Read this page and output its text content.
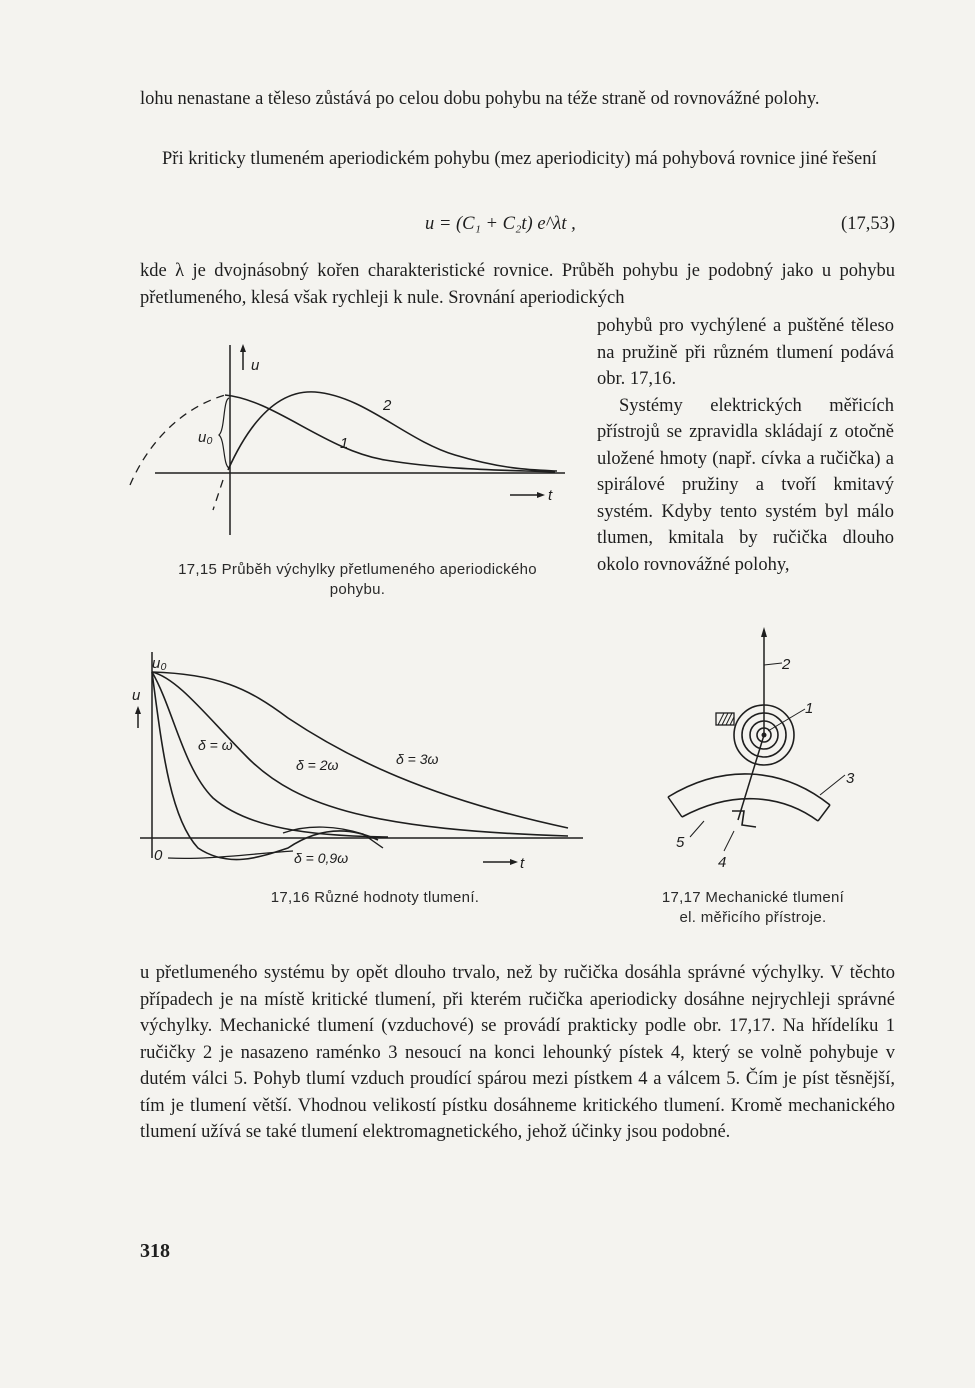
lohu nenastane a těleso zůstává po celou dobu pohybu na téže straně od rovnovážné polohy.

Při kriticky tlumeném aperiodickém pohybu (mez aperiodicity) má pohybová rovnice jiné řešení

u = (C₁ + C₂t) e^λt ,	(17,53)

kde λ je dvojnásobný kořen charakteristické rovnice. Průběh pohybu je podobný jako u pohybu přetlumeného, klesá však rychleji k nule. Srovnání aperiodických

pohybů pro vychýlené a puštěné těleso na pružině při různém tlumení podává obr. 17,16.

Systémy elektrických měřicích přístrojů se zpravidla skládají z otočně uložené hmoty (např. cívka a ručička) a spirálové pružiny a tvoří kmitavý systém. Kdyby tento systém byl málo tlumen, kmitala by ručička dlouho okolo rovnovážné polohy,

u
u₀
t
1
2
17,15 Průběh výchylky přetlumeného aperiodického
pohybu.
u₀
u
0	t
δ = ω
δ = 2ω	δ = 3ω
δ = 0,9ω
17,16 Různé hodnoty tlumení.
2
1
3
5
4
17,17 Mechanické tlumení
el. měřicího přístroje.

u přetlumeného systému by opět dlouho trvalo, než by ručička dosáhla správné výchylky. V těchto případech je na místě kritické tlumení, při kterém ručička aperiodicky dosáhne nejrychleji správné výchylky. Mechanické tlumení (vzduchové) se provádí prakticky podle obr. 17,17. Na hřídelíku 1 ručičky 2 je nasazeno raménko 3 nesoucí na konci lehounký pístek 4, který se volně pohybuje v dutém válci 5. Pohyb tlumí vzduch proudící spárou mezi pístkem 4 a válcem 5. Čím je píst těsnější, tím je tlumení větší. Vhodnou velikostí pístku dosáhneme kritického tlumení. Kromě mechanického tlumení užívá se také tlumení elektromagnetického, jehož účinky jsou podobné.

318
